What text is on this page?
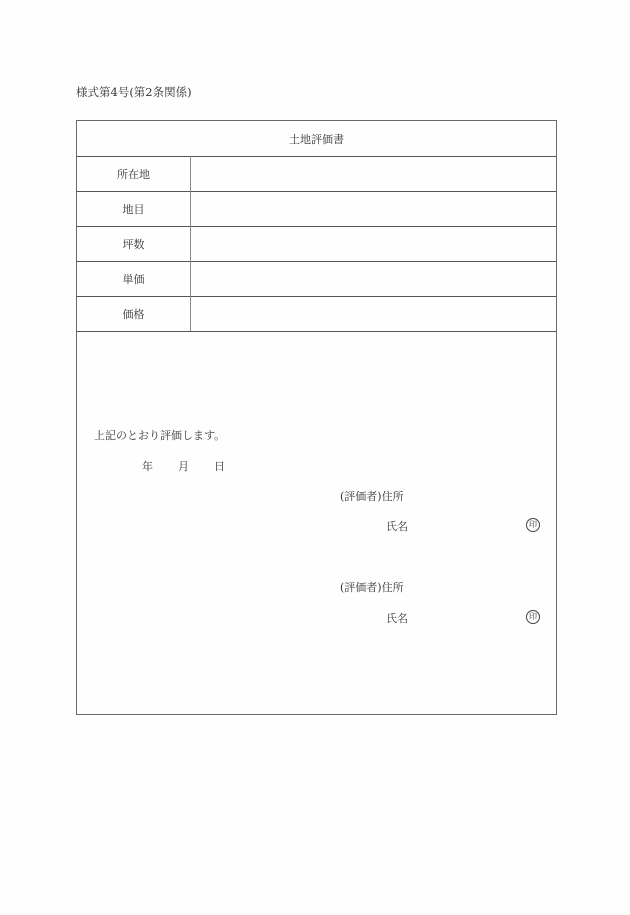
様式第4号(第2条関係)
土地評価書
所在地
地目
坪数
単価
価格
上記のとおり評価します。
年 月 日
(評価者)住所
氏名	印
(評価者)住所
氏名	印
